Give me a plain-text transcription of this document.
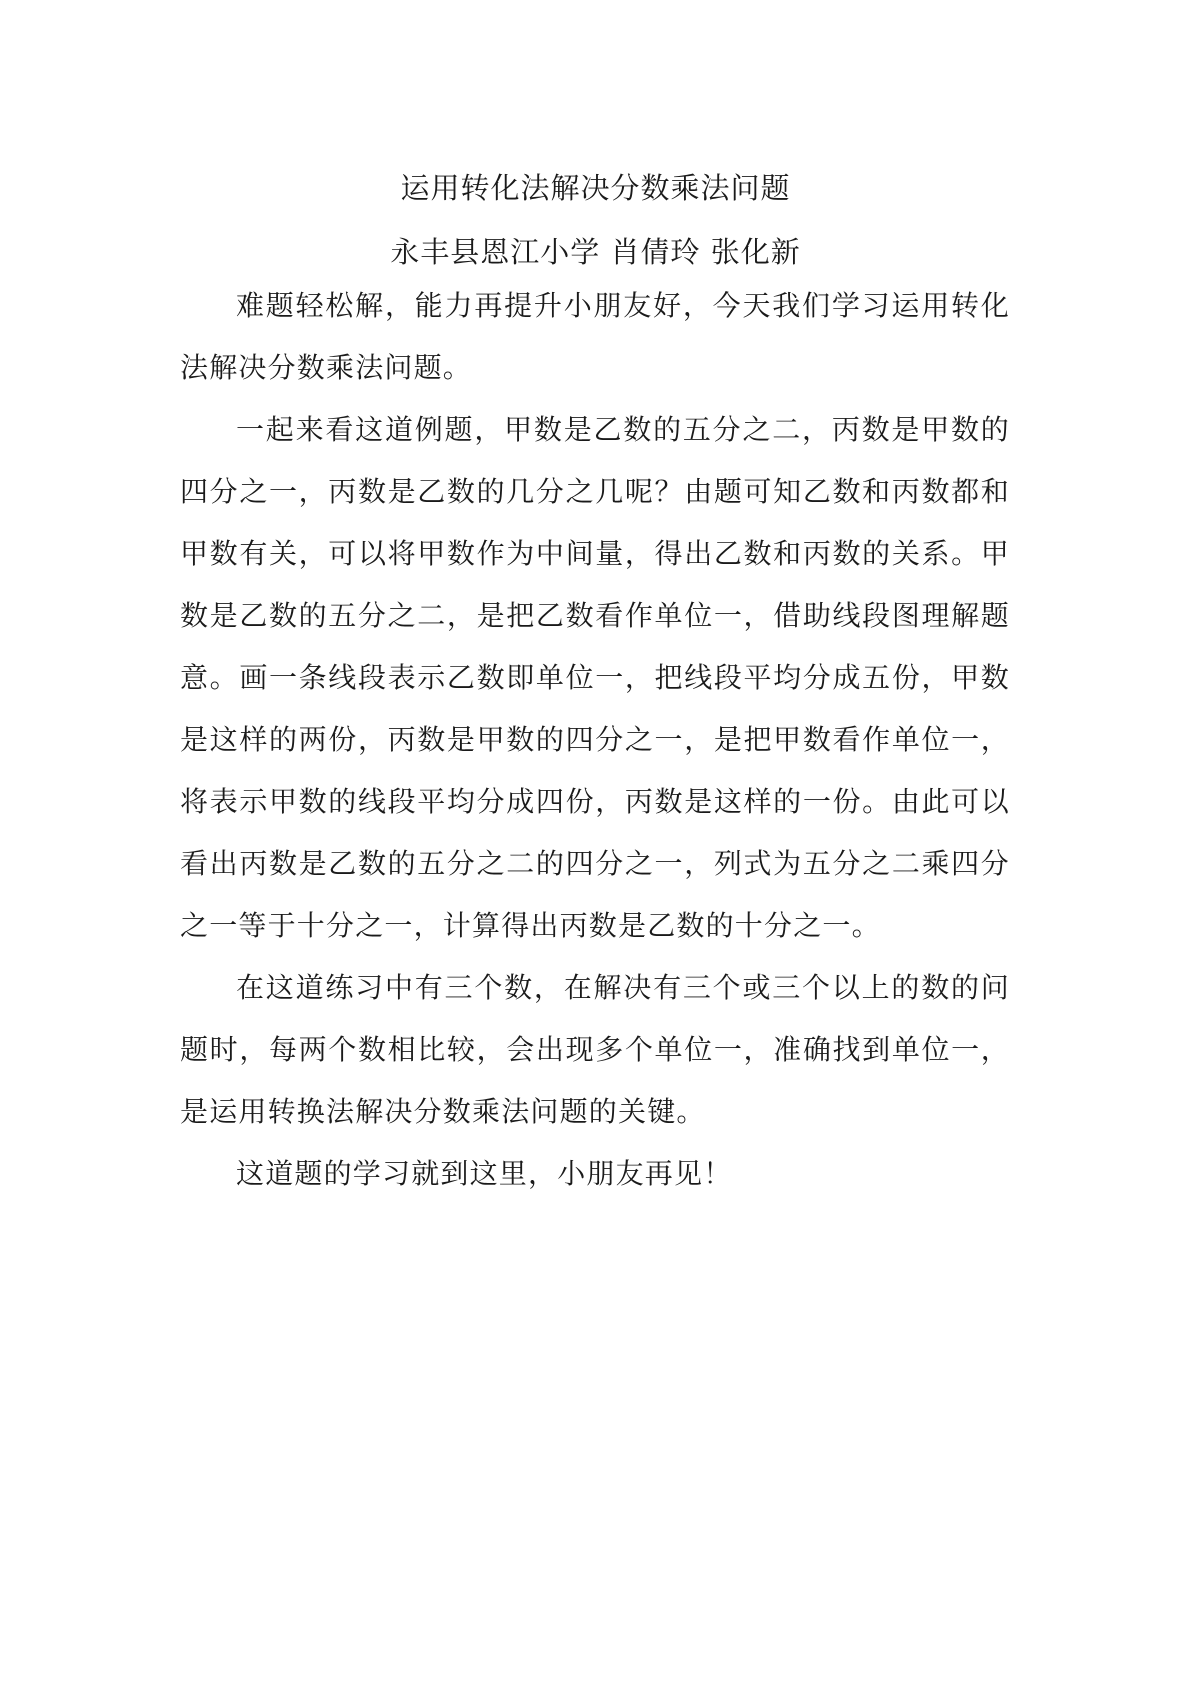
运用转化法解决分数乘法问题
永丰县恩江小学 肖倩玲 张化新

难题轻松解，能力再提升小朋友好，今天我们学习运用转化法解决分数乘法问题。

一起来看这道例题，甲数是乙数的五分之二，丙数是甲数的四分之一，丙数是乙数的几分之几呢？由题可知乙数和丙数都和甲数有关，可以将甲数作为中间量，得出乙数和丙数的关系。甲数是乙数的五分之二，是把乙数看作单位一，借助线段图理解题意。画一条线段表示乙数即单位一，把线段平均分成五份，甲数是这样的两份，丙数是甲数的四分之一，是把甲数看作单位一，将表示甲数的线段平均分成四份，丙数是这样的一份。由此可以看出丙数是乙数的五分之二的四分之一，列式为五分之二乘四分之一等于十分之一，计算得出丙数是乙数的十分之一。

在这道练习中有三个数，在解决有三个或三个以上的数的问题时，每两个数相比较，会出现多个单位一，准确找到单位一，是运用转换法解决分数乘法问题的关键。

这道题的学习就到这里，小朋友再见！
